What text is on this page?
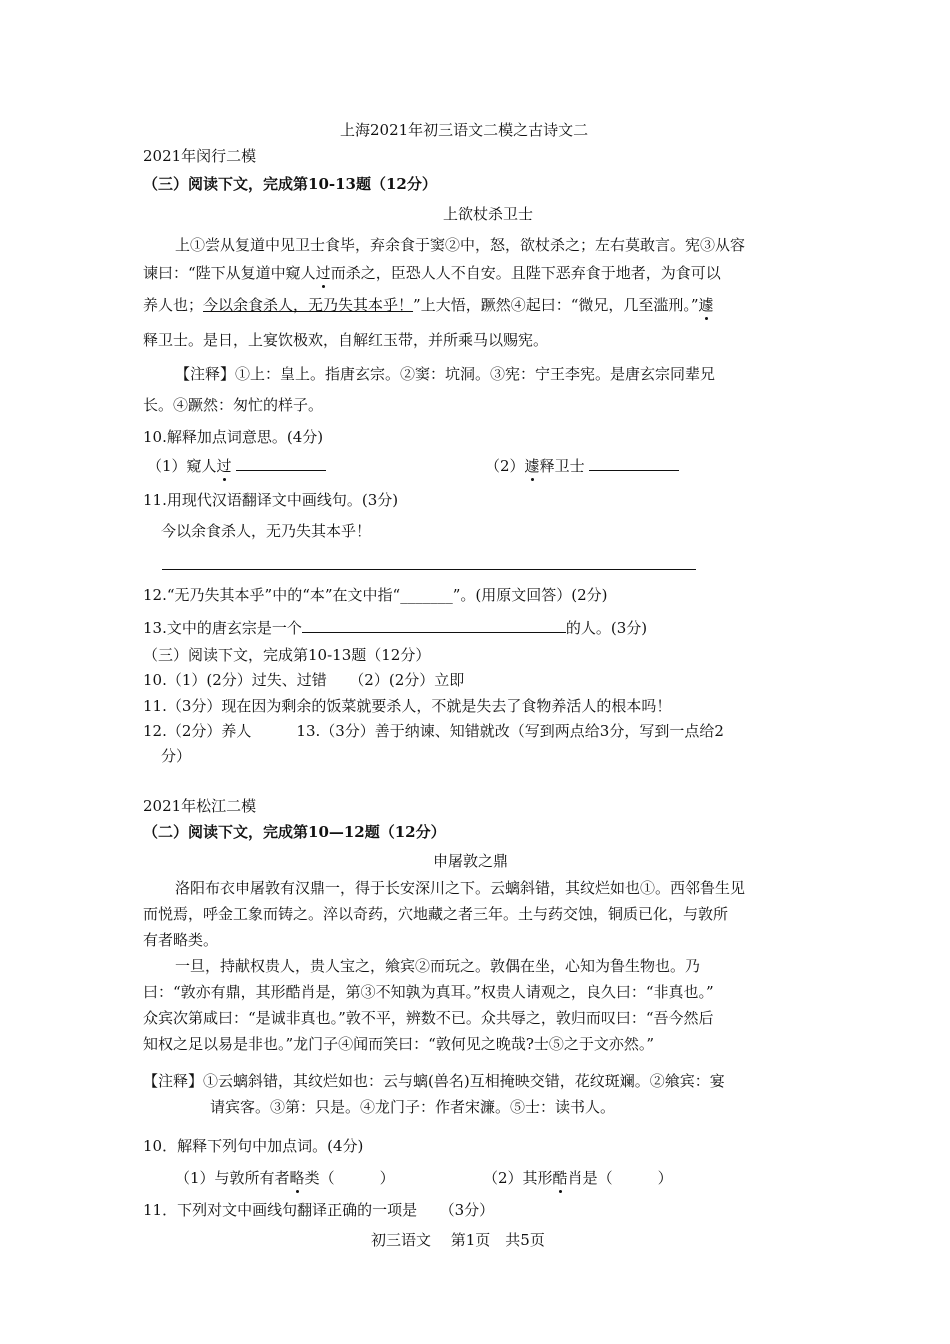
上海2021年初三语文二模之古诗文二
2021年闵行二模
（三）阅读下文，完成第10-13题（12分）
上欲杖杀卫士
上①尝从复道中见卫士食毕，弃余食于窦②中，怒，欲杖杀之；左右莫敢言。宪③从容
谏曰：“陛下从复道中窥人过而杀之，臣恐人人不自安。且陛下恶弃食于地者，为食可以
养人也；今以余食杀人，无乃失其本乎！”上大悟，蹶然④起曰：“微兄，几至滥刑。”遽
释卫士。是日，上宴饮极欢，自解红玉带，并所乘马以赐宪。
【注释】①上：皇上。指唐玄宗。②窦：坑洞。③宪：宁王李宪。是唐玄宗同辈兄
长。④蹶然：匆忙的样子。
10.解释加点词意思。(4分)
（1）窥人过	（2）遽释卫士
11.用现代汉语翻译文中画线句。(3分)
今以余食杀人，无乃失其本乎！
12.“无乃失其本乎”中的“本”在文中指“_______”。(用原文回答）(2分)
13.文中的唐玄宗是一个	的人。(3分)
（三）阅读下文，完成第10-13题（12分）
10.（1）(2分）过失、过错　　（2）(2分）立即
11.（3分）现在因为剩余的饭菜就要杀人，不就是失去了食物养活人的根本吗！
12.（2分）养人　　　13.（3分）善于纳谏、知错就改（写到两点给3分，写到一点给2
分）
2021年松江二模
（二）阅读下文，完成第10—12题（12分）
申屠敦之鼎
洛阳布衣申屠敦有汉鼎一，得于长安深川之下。云螭斜错，其纹烂如也①。西邻鲁生见
而悦焉，呼金工象而铸之。淬以奇药，穴地藏之者三年。土与药交蚀，铜质已化，与敦所
有者略类。
一旦，持献权贵人，贵人宝之，飨宾②而玩之。敦偶在坐，心知为鲁生物也。乃
曰：“敦亦有鼎，其形酷肖是，第③不知孰为真耳。”权贵人请观之，良久曰：“非真也。”
众宾次第咸曰：“是诚非真也。”敦不平，辨数不已。众共辱之，敦归而叹曰：“吾今然后
知权之足以易是非也。”龙门子④闻而笑曰：“敦何见之晚哉?士⑤之于文亦然。”
【注释】①云螭斜错，其纹烂如也：云与螭(兽名)互相掩映交错，花纹斑斓。②飨宾：宴
请宾客。③第：只是。④龙门子：作者宋濂。⑤士：读书人。
10．解释下列句中加点词。(4分)
（1）与敦所有者略类（　　　）	（2）其形酷肖是（　　　）
11．下列对文中画线句翻译正确的一项是　　（3分）
初三语文　 第1页　共5页
